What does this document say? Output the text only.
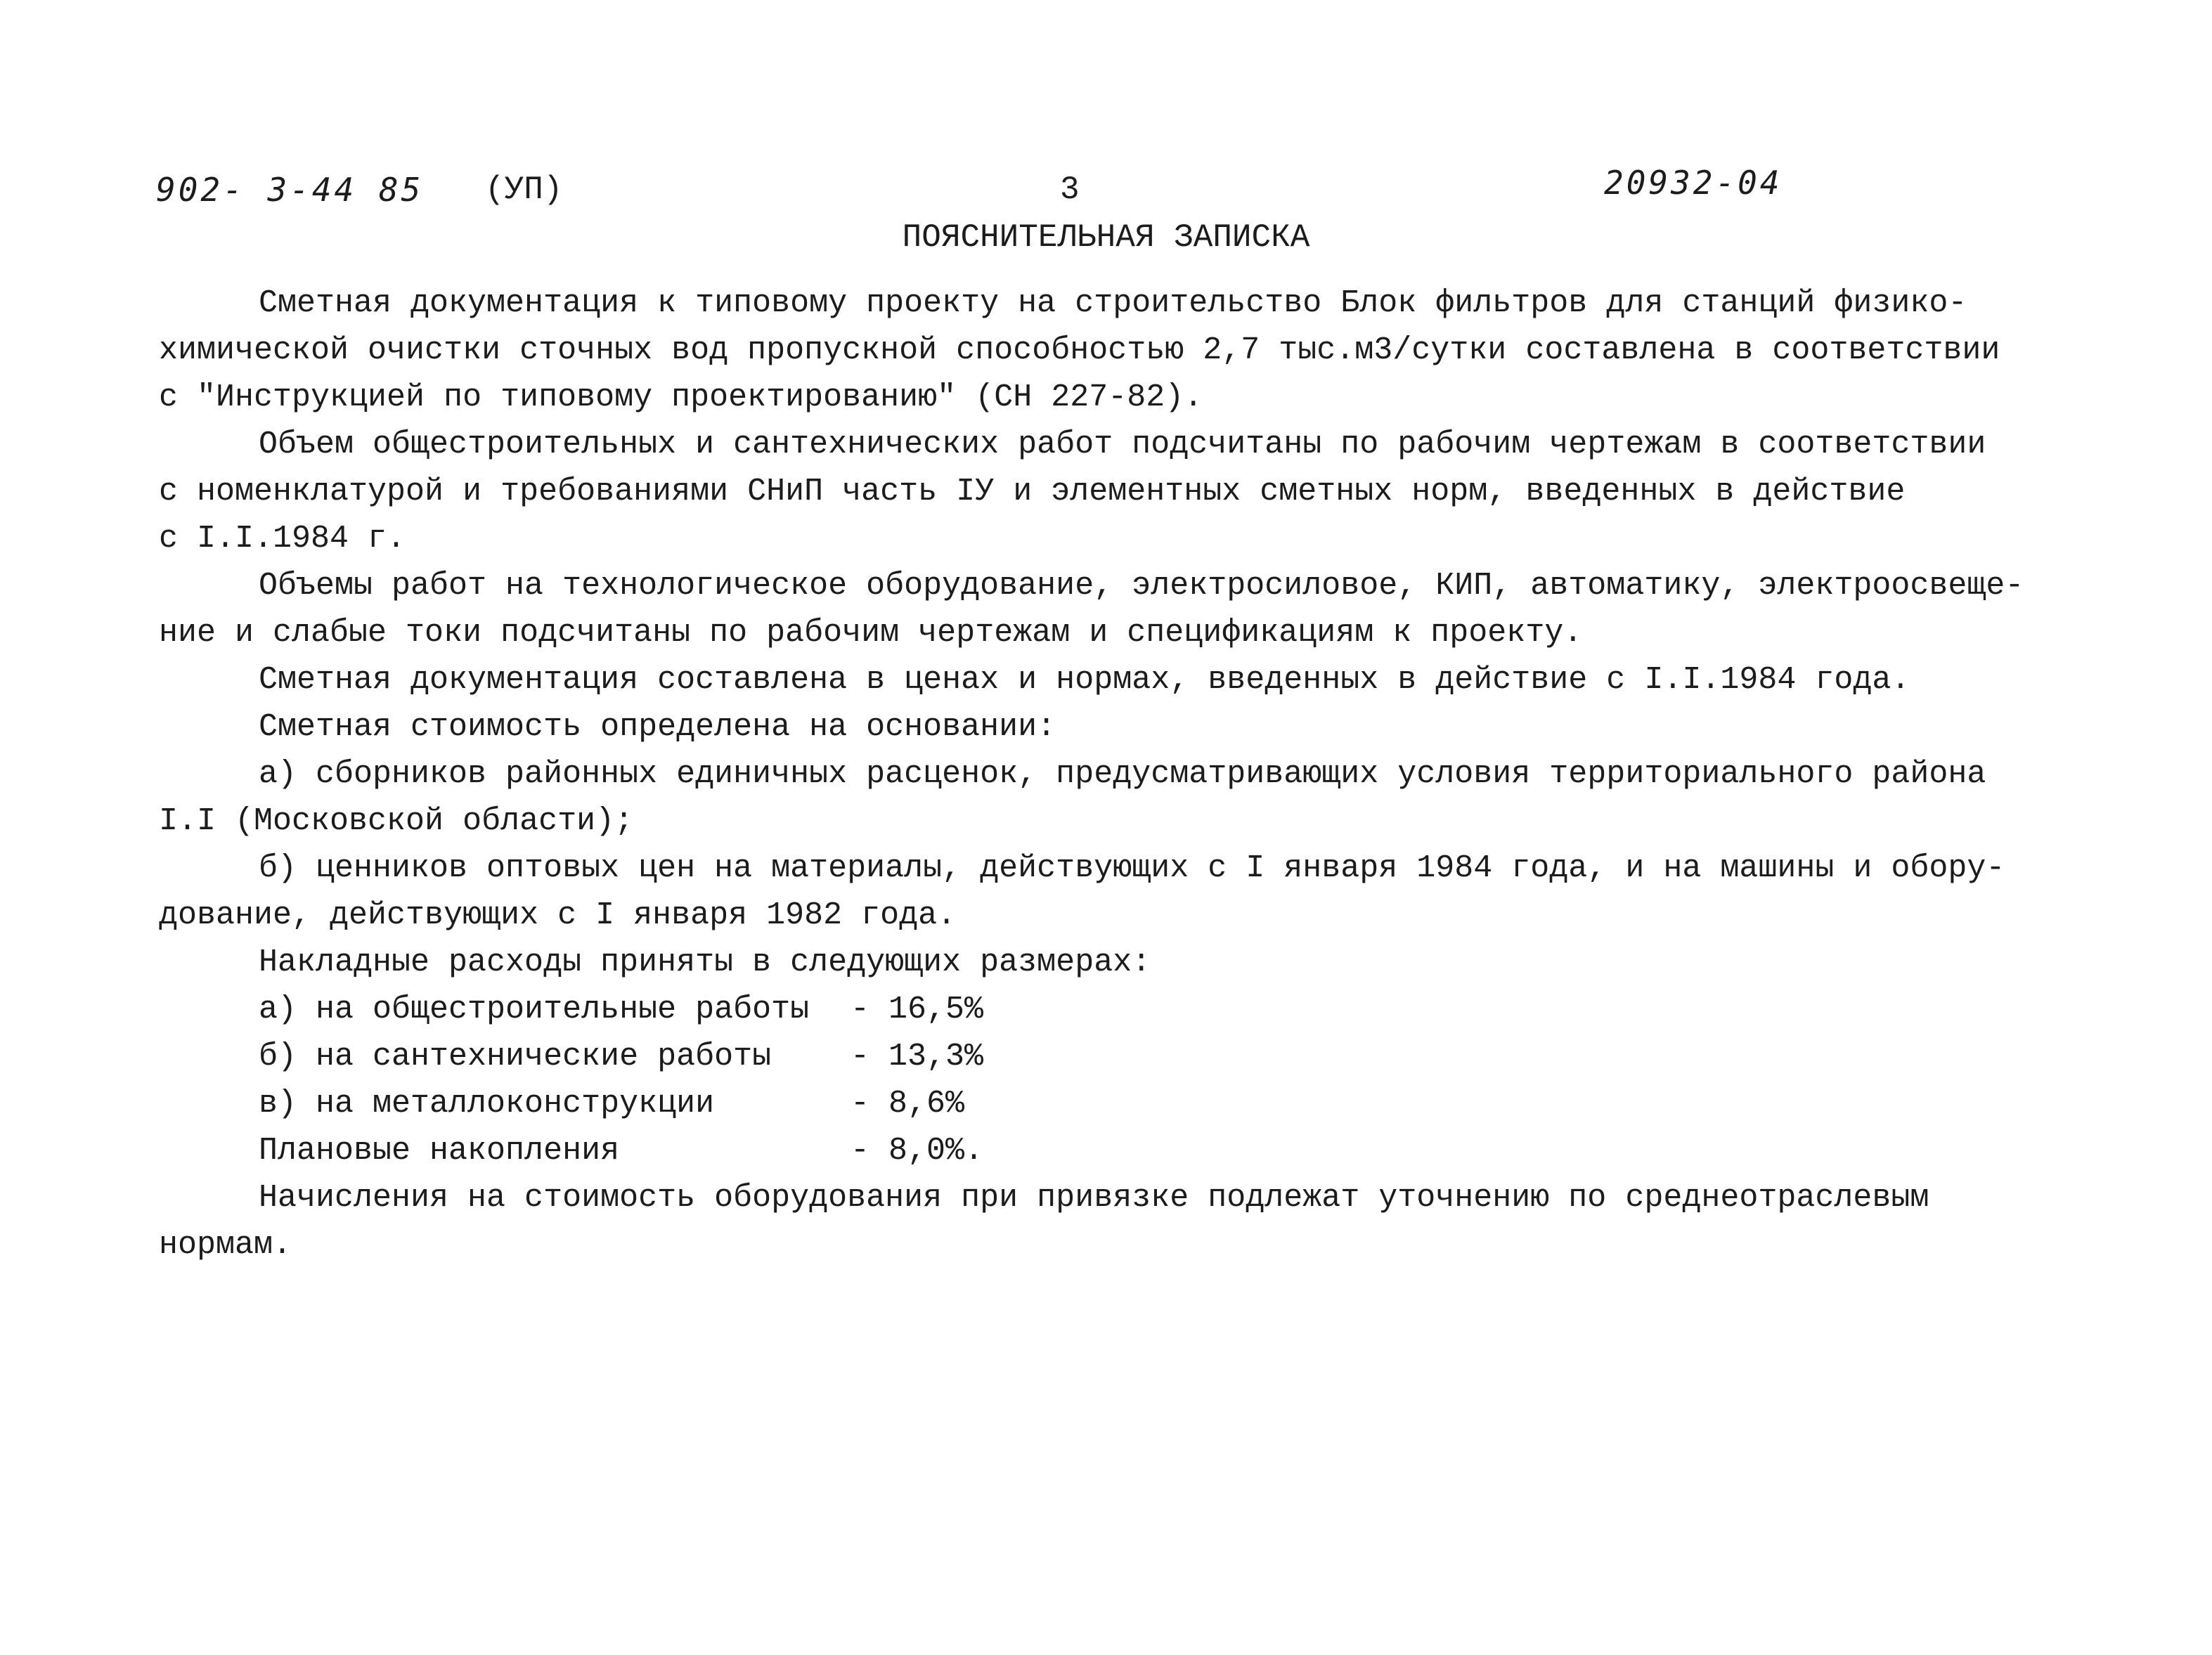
902- 3-44 85 (УП)	3	20932-04
ПОЯСНИТЕЛЬНАЯ ЗАПИСКА
Сметная документация к типовому проекту на строительство Блок фильтров для станций физико-
химической очистки сточных вод пропускной способностью 2,7 тыс.м3/сутки составлена в соответствии
с "Инструкцией по типовому проектированию" (СН 227-82).
Объем общестроительных и сантехнических работ подсчитаны по рабочим чертежам в соответствии
с номенклатурой и требованиями СНиП часть IУ и элементных сметных норм, введенных в действие
с I.I.1984 г.
Объемы работ на технологическое оборудование, электросиловое, КИП, автоматику, электроосвеще-
ние и слабые токи подсчитаны по рабочим чертежам и спецификациям к проекту.
Сметная документация составлена в ценах и нормах, введенных в действие с I.I.1984 года.
Сметная стоимость определена на основании:
а) сборников районных единичных расценок, предусматривающих условия территориального района
I.I (Московской области);
б) ценников оптовых цен на материалы, действующих с I января 1984 года, и на машины и обору-
дование, действующих с I января 1982 года.
Накладные расходы приняты в следующих размерах:
а) на общестроительные работы	- 16,5%
б) на сантехнические работы	- 13,3%
в) на металлоконструкции	- 8,6%
Плановые накопления	- 8,0%.
Начисления на стоимость оборудования при привязке подлежат уточнению по среднеотраслевым
нормам.
